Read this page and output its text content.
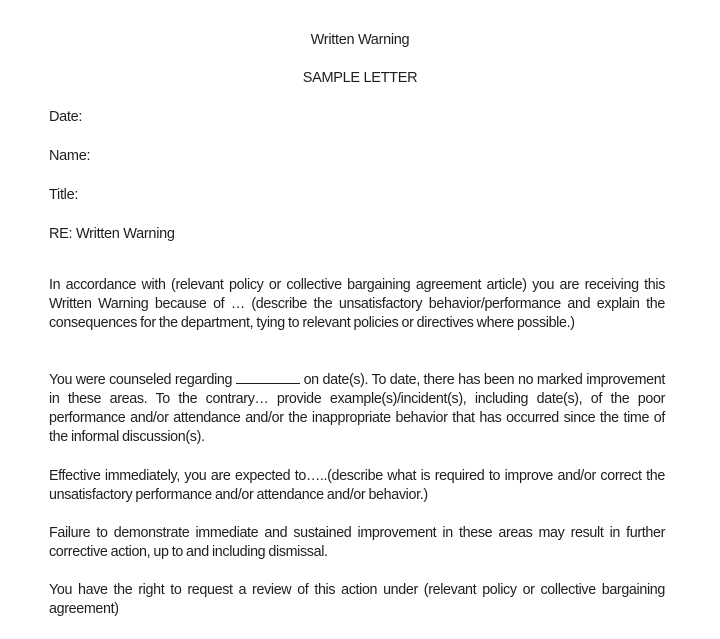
Written Warning
SAMPLE LETTER
Date:
Name:
Title:
RE: Written Warning

In accordance with (relevant policy or collective bargaining agreement article) you are receiving this Written Warning because of … (describe the unsatisfactory behavior/performance and explain the consequences for the department, tying to relevant policies or directives where possible.)

You were counseled regarding	on date(s). To date, there has been no marked improvement in these areas. To the contrary… provide example(s)/incident(s), including date(s), of the poor performance and/or attendance and/or the inappropriate behavior that has occurred since the time of the informal discussion(s).

Effective immediately, you are expected to…..(describe what is required to improve and/or correct the unsatisfactory performance and/or attendance and/or behavior.)

Failure to demonstrate immediate and sustained improvement in these areas may result in further corrective action, up to and including dismissal.

You have the right to request a review of this action under (relevant policy or collective bargaining agreement)
